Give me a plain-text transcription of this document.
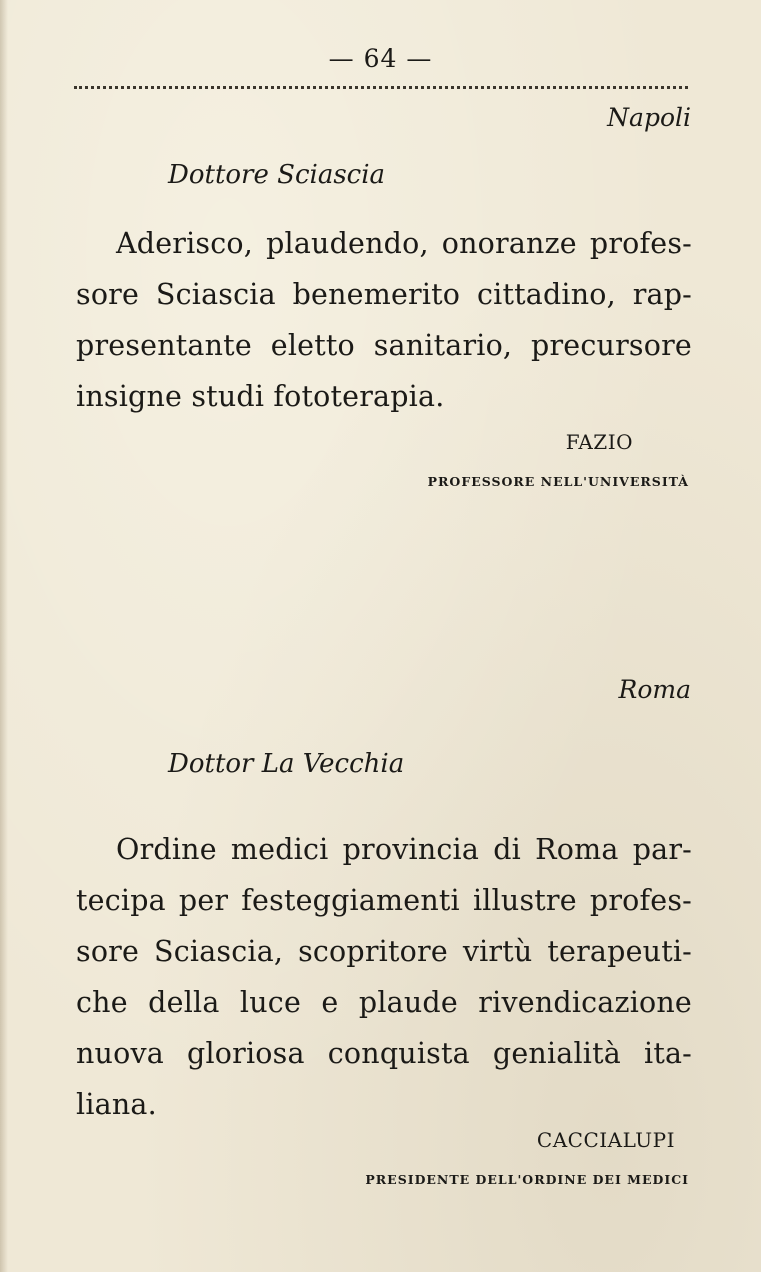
— 64 —
Napoli
Dottore Sciascia

Aderisco, plaudendo, onoranze profes-
sore Sciascia benemerito cittadino, rap-
presentante eletto sanitario, precursore
insigne studi fototerapia.

FAZIO
PROFESSORE NELL'UNIVERSITÀ
Roma
Dottor La Vecchia

Ordine medici provincia di Roma par-
tecipa per festeggiamenti illustre profes-
sore Sciascia, scopritore virtù terapeuti-
che della luce e plaude rivendicazione
nuova gloriosa conquista genialità ita-
liana.

CACCIALUPI
PRESIDENTE DELL'ORDINE DEI MEDICI
